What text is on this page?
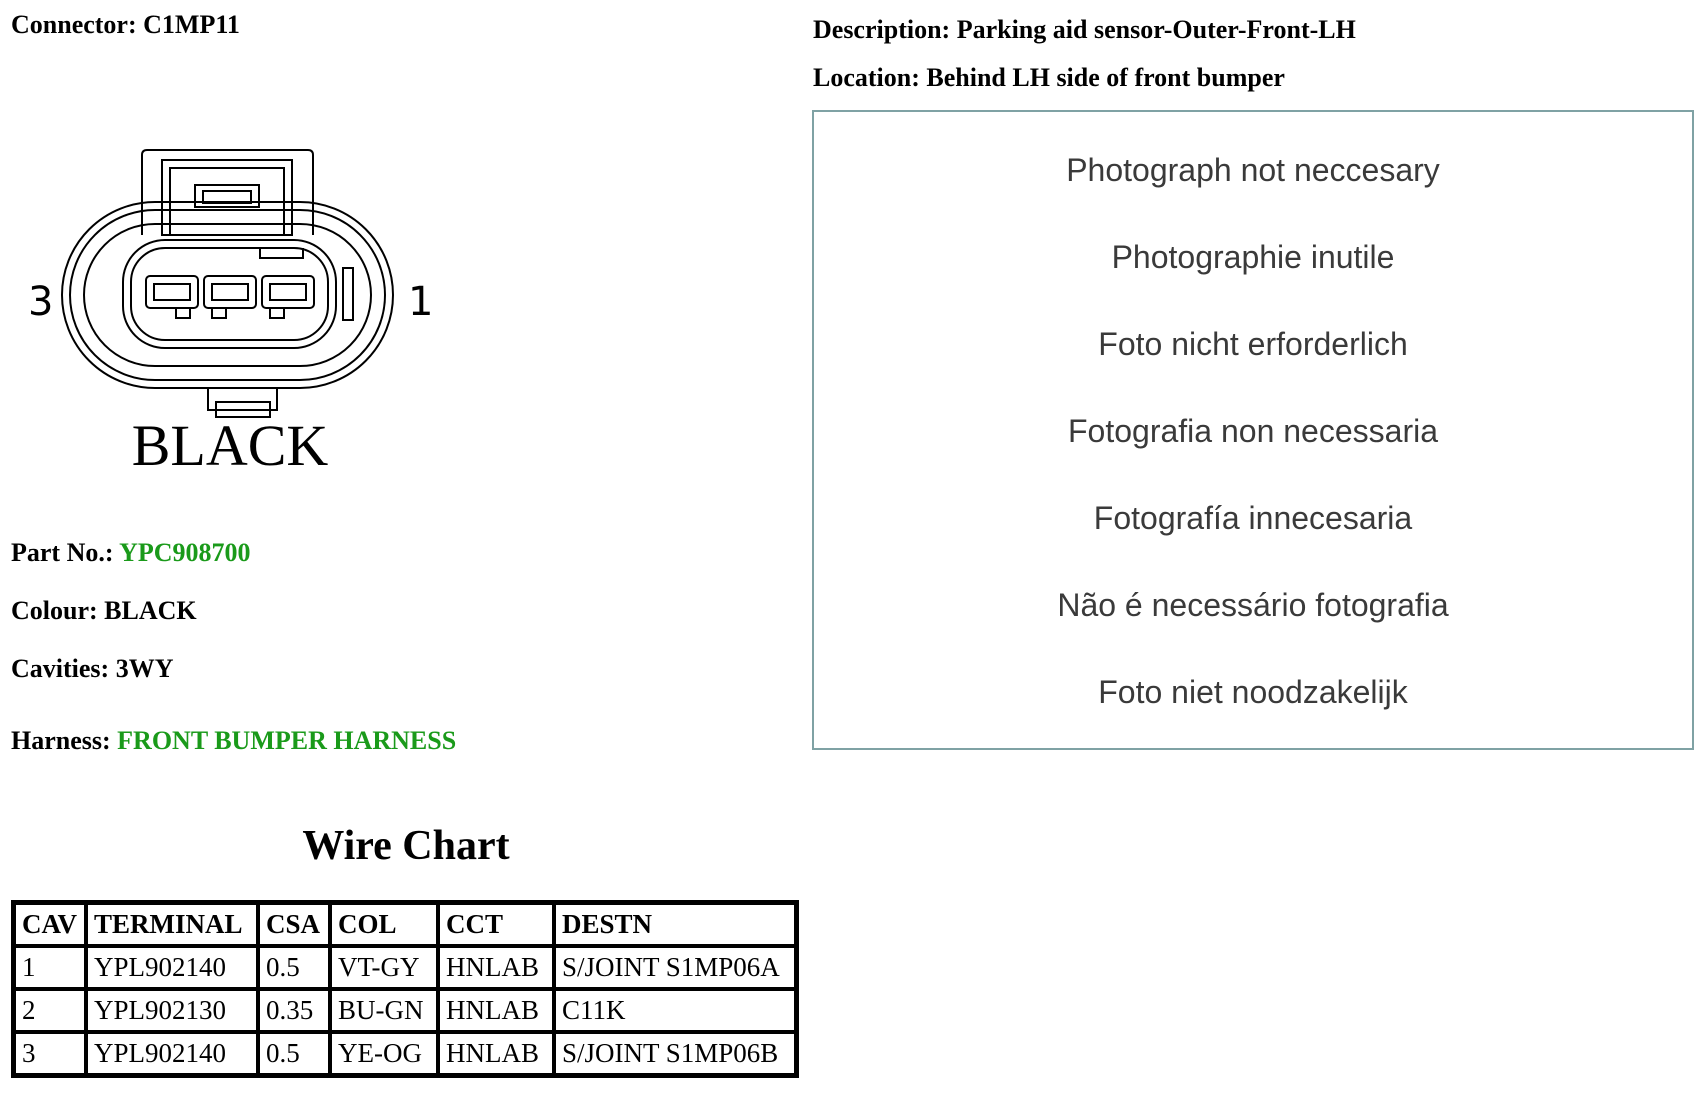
Connector: C1MP11	Description: Parking aid sensor-Outer-Front-LH
Location: Behind LH side of front bumper
3	1
BLACK
Part No.: YPC908700
Colour: BLACK
Cavities: 3WY
Harness: FRONT BUMPER HARNESS
Photograph not neccesary
Photographie inutile
Foto nicht erforderlich
Fotografia non necessaria
Fotografía innecesaria
Não é necessário fotografia
Foto niet noodzakelijk
Wire Chart
CAV	TERMINAL	CSA	COL	CCT	DESTN
1	YPL902140	0.5	VT-GY	HNLAB	S/JOINT S1MP06A
2	YPL902130	0.35	BU-GN	HNLAB	C11K
3	YPL902140	0.5	YE-OG	HNLAB	S/JOINT S1MP06B
